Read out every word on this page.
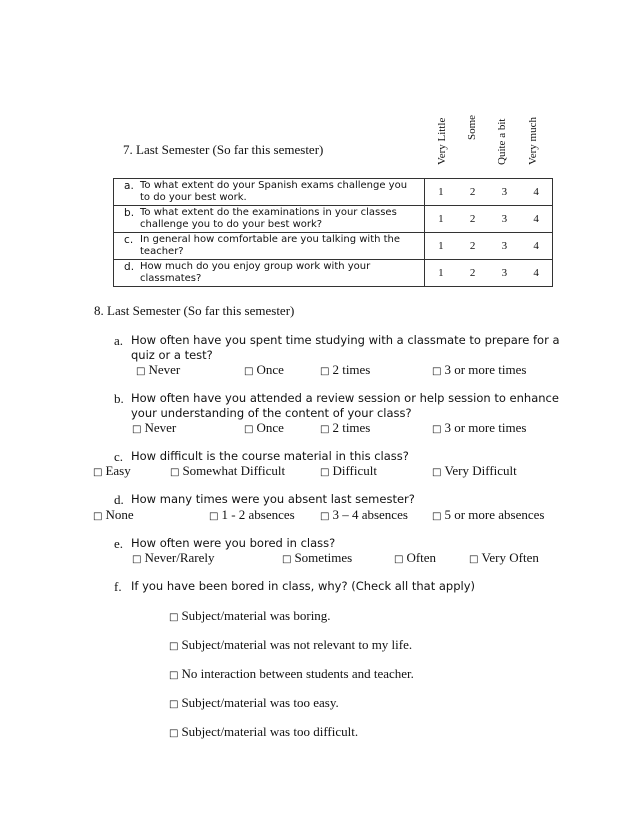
7. Last Semester (So far this semester)	Very Little Some Quite a bit Very much
a. To what extent do your Spanish exams challenge you to do your best work.	1 2 3 4

b. To what extent do the examinations in your classes challenge you to do your best work?	1 2 3 4

c. In general how comfortable are you talking with the teacher?	1 2 3 4

d. How much do you enjoy group work with your classmates?	1 2 3 4
8. Last Semester (So far this semester)
a. How often have you spent time studying with a classmate to prepare for a
quiz or a test?
□ Never	□ Once	□ 2 times	□ 3 or more times
b. How often have you attended a review session or help session to enhance
your understanding of the content of your class?
□ Never	□ Once	□ 2 times	□ 3 or more times
c. How difficult is the course material in this class?
□ Easy	□ Somewhat Difficult	□ Difficult	□ Very Difficult
d. How many times were you absent last semester?
□ None	□ 1 - 2 absences	□ 3 – 4 absences □ 5 or more absences
e. How often were you bored in class?
□ Never/Rarely	□ Sometimes	□ Often	□ Very Often
f. If you have been bored in class, why? (Check all that apply)
□ Subject/material was boring.
□ Subject/material was not relevant to my life.
□ No interaction between students and teacher.
□ Subject/material was too easy.
□ Subject/material was too difficult.
